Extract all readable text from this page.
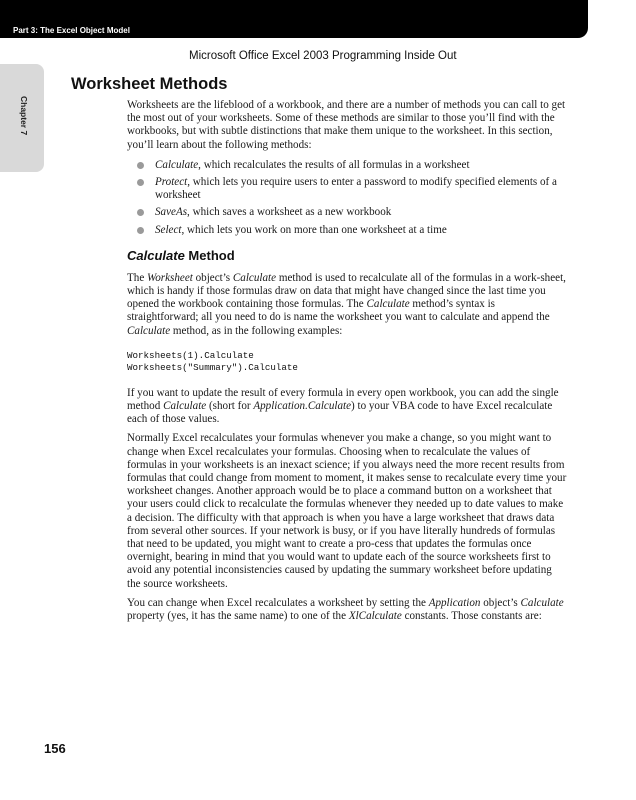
Part 3: The Excel Object Model
Microsoft Office Excel 2003 Programming Inside Out
Chapter 7
Worksheet Methods

Worksheets are the lifeblood of a workbook, and there are a number of methods you can call to get the most out of your worksheets. Some of these methods are similar to those you’ll find with the workbooks, but with subtle distinctions that make them unique to the worksheet. In this section, you’ll learn about the following methods:

Calculate, which recalculates the results of all formulas in a worksheet
Protect, which lets you require users to enter a password to modify specified elements of a worksheet
SaveAs, which saves a worksheet as a new workbook
Select, which lets you work on more than one worksheet at a time
Calculate Method

The Worksheet object’s Calculate method is used to recalculate all of the formulas in a work-sheet, which is handy if those formulas draw on data that might have changed since the last time you opened the workbook containing those formulas. The Calculate method’s syntax is straightforward; all you need to do is name the worksheet you want to calculate and append the Calculate method, as in the following examples:

Worksheets(1).Calculate
Worksheets("Summary").Calculate

If you want to update the result of every formula in every open workbook, you can add the single method Calculate (short for Application.Calculate) to your VBA code to have Excel recalculate each of those values.

Normally Excel recalculates your formulas whenever you make a change, so you might want to change when Excel recalculates your formulas. Choosing when to recalculate the values of formulas in your worksheets is an inexact science; if you always need the more recent results from formulas that could change from moment to moment, it makes sense to recalculate every time your worksheet changes. Another approach would be to place a command button on a worksheet that your users could click to recalculate the formulas whenever they needed up to date values to make a decision. The difficulty with that approach is when you have a large worksheet that draws data from several other sources. If your network is busy, or if you have literally hundreds of formulas that need to be updated, you might want to create a pro-cess that updates the formulas once overnight, bearing in mind that you would want to update each of the source worksheets first to avoid any potential inconsistencies caused by updating the summary worksheet before updating the source worksheets.

You can change when Excel recalculates a worksheet by setting the Application object’s Calculate property (yes, it has the same name) to one of the XlCalculate constants. Those constants are:

156
